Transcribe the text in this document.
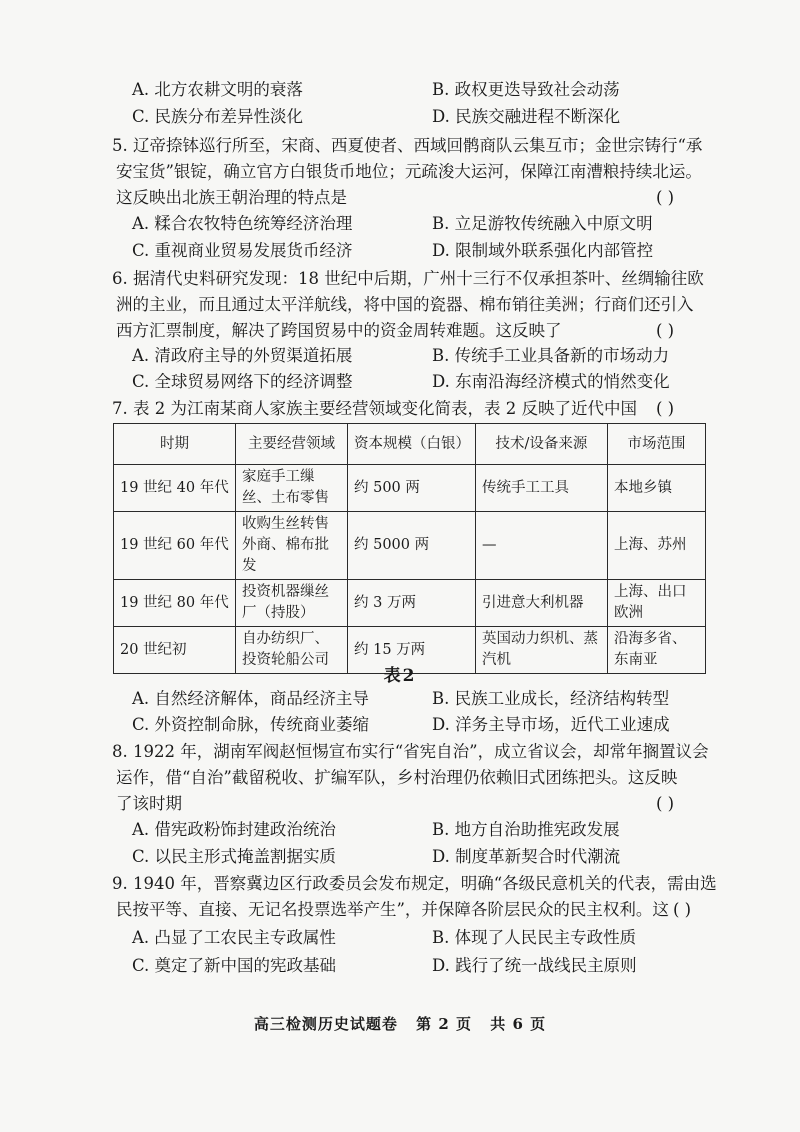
A. 北方农耕文明的衰落	B. 政权更迭导致社会动荡
C. 民族分布差异性淡化	D. 民族交融进程不断深化
5. 辽帝捺钵巡行所至，宋商、西夏使者、西域回鹘商队云集互市；金世宗铸行“承
安宝货”银锭，确立官方白银货币地位；元疏浚大运河，保障江南漕粮持续北运。
这反映出北族王朝治理的特点是	( )
A. 糅合农牧特色统筹经济治理	B. 立足游牧传统融入中原文明
C. 重视商业贸易发展货币经济	D. 限制域外联系强化内部管控
6. 据清代史料研究发现：18 世纪中后期，广州十三行不仅承担茶叶、丝绸输往欧
洲的主业，而且通过太平洋航线，将中国的瓷器、棉布销往美洲；行商们还引入
西方汇票制度，解决了跨国贸易中的资金周转难题。这反映了	( )
A. 清政府主导的外贸渠道拓展	B. 传统手工业具备新的市场动力
C. 全球贸易网络下的经济调整	D. 东南沿海经济模式的悄然变化
7. 表 2 为江南某商人家族主要经营领域变化简表，表 2 反映了近代中国 ( )
时期	主要经营领域	资本规模（白银）	技术/设备来源	市场范围
19 世纪 40 年代	家庭手工缫丝、土布零售	约 500 两	传统手工工具	本地乡镇
19 世纪 60 年代	收购生丝转售外商、棉布批发	约 5000 两	—	上海、苏州
19 世纪 80 年代	投资机器缫丝厂（持股）	约 3 万两	引进意大利机器	上海、出口欧洲
20 世纪初	自办纺织厂、投资轮船公司	约 15 万两	英国动力织机、蒸汽机	沿海多省、东南亚
表2
A. 自然经济解体，商品经济主导	B. 民族工业成长，经济结构转型
C. 外资控制命脉，传统商业萎缩	D. 洋务主导市场，近代工业速成
8. 1922 年，湖南军阀赵恒惕宣布实行“省宪自治”，成立省议会，却常年搁置议会
运作，借“自治”截留税收、扩编军队，乡村治理仍依赖旧式团练把头。这反映
了该时期	( )
A. 借宪政粉饰封建政治统治	B. 地方自治助推宪政发展
C. 以民主形式掩盖割据实质	D. 制度革新契合时代潮流
9. 1940 年，晋察冀边区行政委员会发布规定，明确“各级民意机关的代表，需由选
民按平等、直接、无记名投票选举产生”，并保障各阶层民众的民主权利。这 ( )
A. 凸显了工农民主专政属性	B. 体现了人民民主专政性质
C. 奠定了新中国的宪政基础	D. 践行了统一战线民主原则
高三检测历史试题卷 第 2 页 共 6 页
